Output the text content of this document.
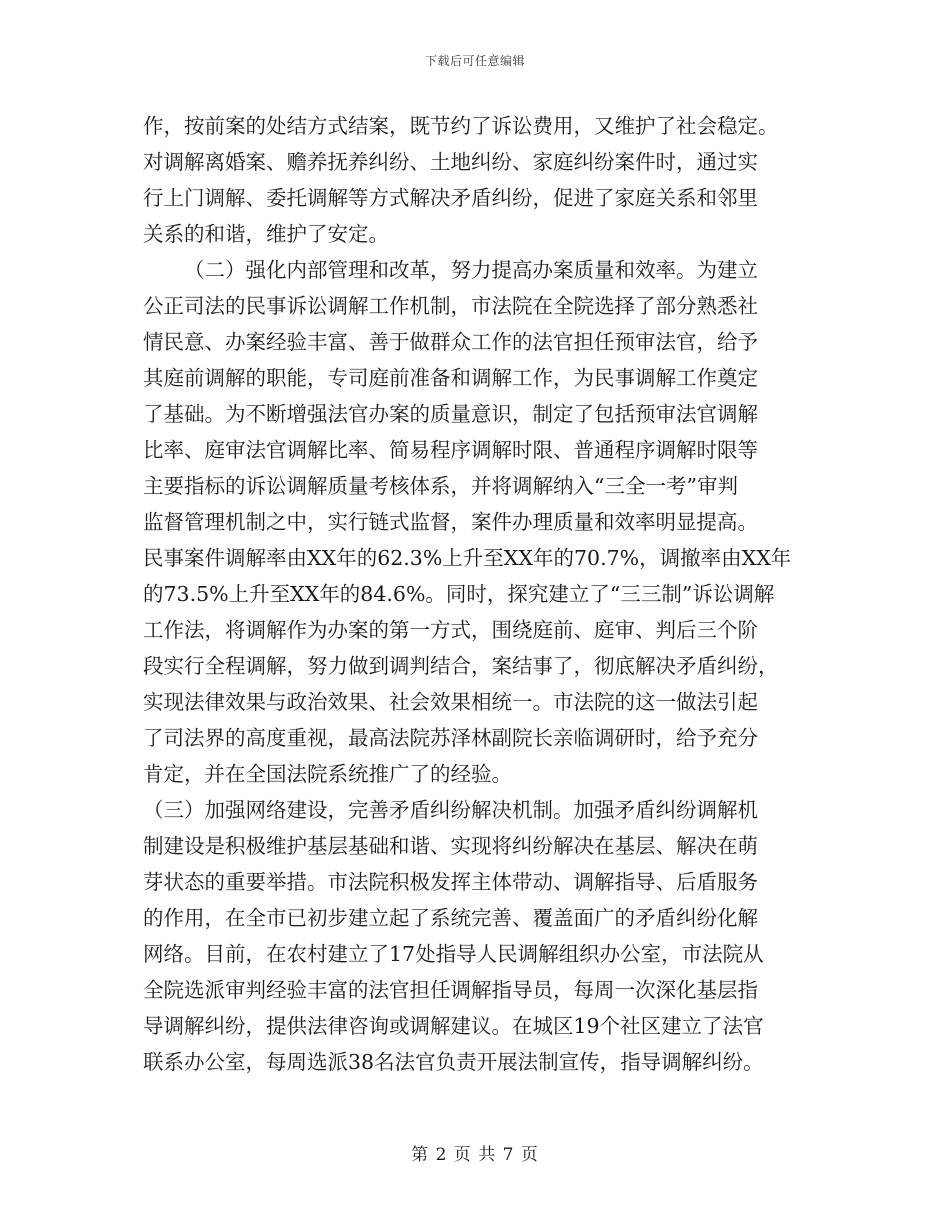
下载后可任意编辑
作，按前案的处结方式结案，既节约了诉讼费用，又维护了社会稳定。
对调解离婚案、赡养抚养纠纷、土地纠纷、家庭纠纷案件时，通过实
行上门调解、委托调解等方式解决矛盾纠纷，促进了家庭关系和邻里
关系的和谐，维护了安定。
（二）强化内部管理和改革，努力提高办案质量和效率。为建立
公正司法的民事诉讼调解工作机制，市法院在全院选择了部分熟悉社
情民意、办案经验丰富、善于做群众工作的法官担任预审法官，给予
其庭前调解的职能，专司庭前准备和调解工作，为民事调解工作奠定
了基础。为不断增强法官办案的质量意识，制定了包括预审法官调解
比率、庭审法官调解比率、简易程序调解时限、普通程序调解时限等
主要指标的诉讼调解质量考核体系，并将调解纳入“三全一考”审判
监督管理机制之中，实行链式监督，案件办理质量和效率明显提高。
民事案件调解率由XX年的62.3%上升至XX年的70.7%，调撤率由XX年
的73.5%上升至XX年的84.6%。同时，探究建立了“三三制”诉讼调解
工作法，将调解作为办案的第一方式，围绕庭前、庭审、判后三个阶
段实行全程调解，努力做到调判结合，案结事了，彻底解决矛盾纠纷，
实现法律效果与政治效果、社会效果相统一。市法院的这一做法引起
了司法界的高度重视，最高法院苏泽林副院长亲临调研时，给予充分
肯定，并在全国法院系统推广了的经验。
（三）加强网络建设，完善矛盾纠纷解决机制。加强矛盾纠纷调解机
制建设是积极维护基层基础和谐、实现将纠纷解决在基层、解决在萌
芽状态的重要举措。市法院积极发挥主体带动、调解指导、后盾服务
的作用，在全市已初步建立起了系统完善、覆盖面广的矛盾纠纷化解
网络。目前，在农村建立了17处指导人民调解组织办公室，市法院从
全院选派审判经验丰富的法官担任调解指导员，每周一次深化基层指
导调解纠纷，提供法律咨询或调解建议。在城区19个社区建立了法官
联系办公室，每周选派38名法官负责开展法制宣传，指导调解纠纷。
第 2 页 共 7 页
